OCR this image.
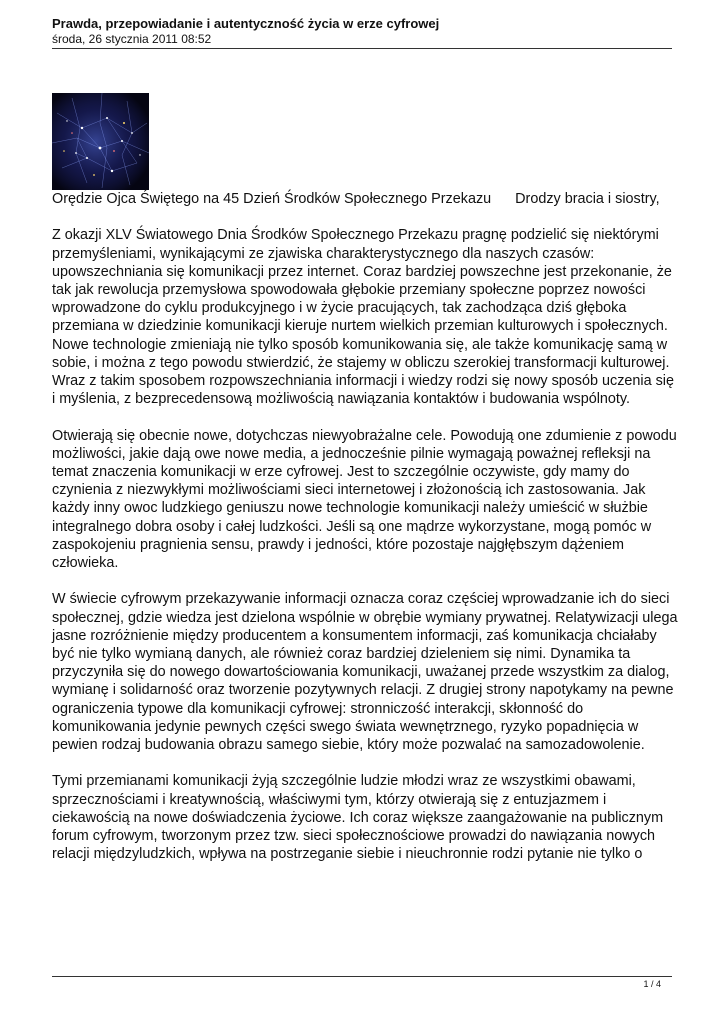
Prawda, przepowiadanie i autentyczność życia w erze cyfrowej
środa, 26 stycznia 2011 08:52

Orędzie Ojca Świętego na 45 Dzień Środków Społecznego Przekazu Drodzy bracia i siostry,

Z okazji XLV Światowego Dnia Środków Społecznego Przekazu pragnę podzielić się niektórymi przemyśleniami, wynikającymi ze zjawiska charakterystycznego dla naszych czasów: upowszechniania się komunikacji przez internet. Coraz bardziej powszechne jest przekonanie, że tak jak rewolucja przemysłowa spowodowała głębokie przemiany społeczne poprzez nowości wprowadzone do cyklu produkcyjnego i w życie pracujących, tak zachodząca dziś głęboka przemiana w dziedzinie komunikacji kieruje nurtem wielkich przemian kulturowych i społecznych. Nowe technologie zmieniają nie tylko sposób komunikowania się, ale także komunikację samą w sobie, i można z tego powodu stwierdzić, że stajemy w obliczu szerokiej transformacji kulturowej. Wraz z takim sposobem rozpowszechniania informacji i wiedzy rodzi się nowy sposób uczenia się i myślenia, z bezprecedensową możliwością nawiązania kontaktów i budowania wspólnoty.

Otwierają się obecnie nowe, dotychczas niewyobrażalne cele. Powodują one zdumienie z powodu możliwości, jakie dają owe nowe media, a jednocześnie pilnie wymagają poważnej refleksji na temat znaczenia komunikacji w erze cyfrowej. Jest to szczególnie oczywiste, gdy mamy do czynienia z niezwykłymi możliwościami sieci internetowej i złożonością ich zastosowania. Jak każdy inny owoc ludzkiego geniuszu nowe technologie komunikacji należy umieścić w służbie integralnego dobra osoby i całej ludzkości. Jeśli są one mądrze wykorzystane, mogą pomóc w zaspokojeniu pragnienia sensu, prawdy i jedności, które pozostaje najgłębszym dążeniem człowieka.

W świecie cyfrowym przekazywanie informacji oznacza coraz częściej wprowadzanie ich do sieci społecznej, gdzie wiedza jest dzielona wspólnie w obrębie wymiany prywatnej. Relatywizacji ulega jasne rozróżnienie między producentem a konsumentem informacji, zaś komunikacja chciałaby być nie tylko wymianą danych, ale również coraz bardziej dzieleniem się nimi. Dynamika ta przyczyniła się do nowego dowartościowania komunikacji, uważanej przede wszystkim za dialog, wymianę i solidarność oraz tworzenie pozytywnych relacji. Z drugiej strony napotykamy na pewne ograniczenia typowe dla komunikacji cyfrowej: stronniczość interakcji, skłonność do komunikowania jedynie pewnych części swego świata wewnętrznego, ryzyko popadnięcia w pewien rodzaj budowania obrazu samego siebie, który może pozwalać na samozadowolenie.

Tymi przemianami komunikacji żyją szczególnie ludzie młodzi wraz ze wszystkimi obawami, sprzecznościami i kreatywnością, właściwymi tym, którzy otwierają się z entuzjazmem i ciekawością na nowe doświadczenia życiowe. Ich coraz większe zaangażowanie na publicznym forum cyfrowym, tworzonym przez tzw. sieci społecznościowe prowadzi do nawiązania nowych relacji międzyludzkich, wpływa na postrzeganie siebie i nieuchronnie rodzi pytanie nie tylko o

1 / 4
